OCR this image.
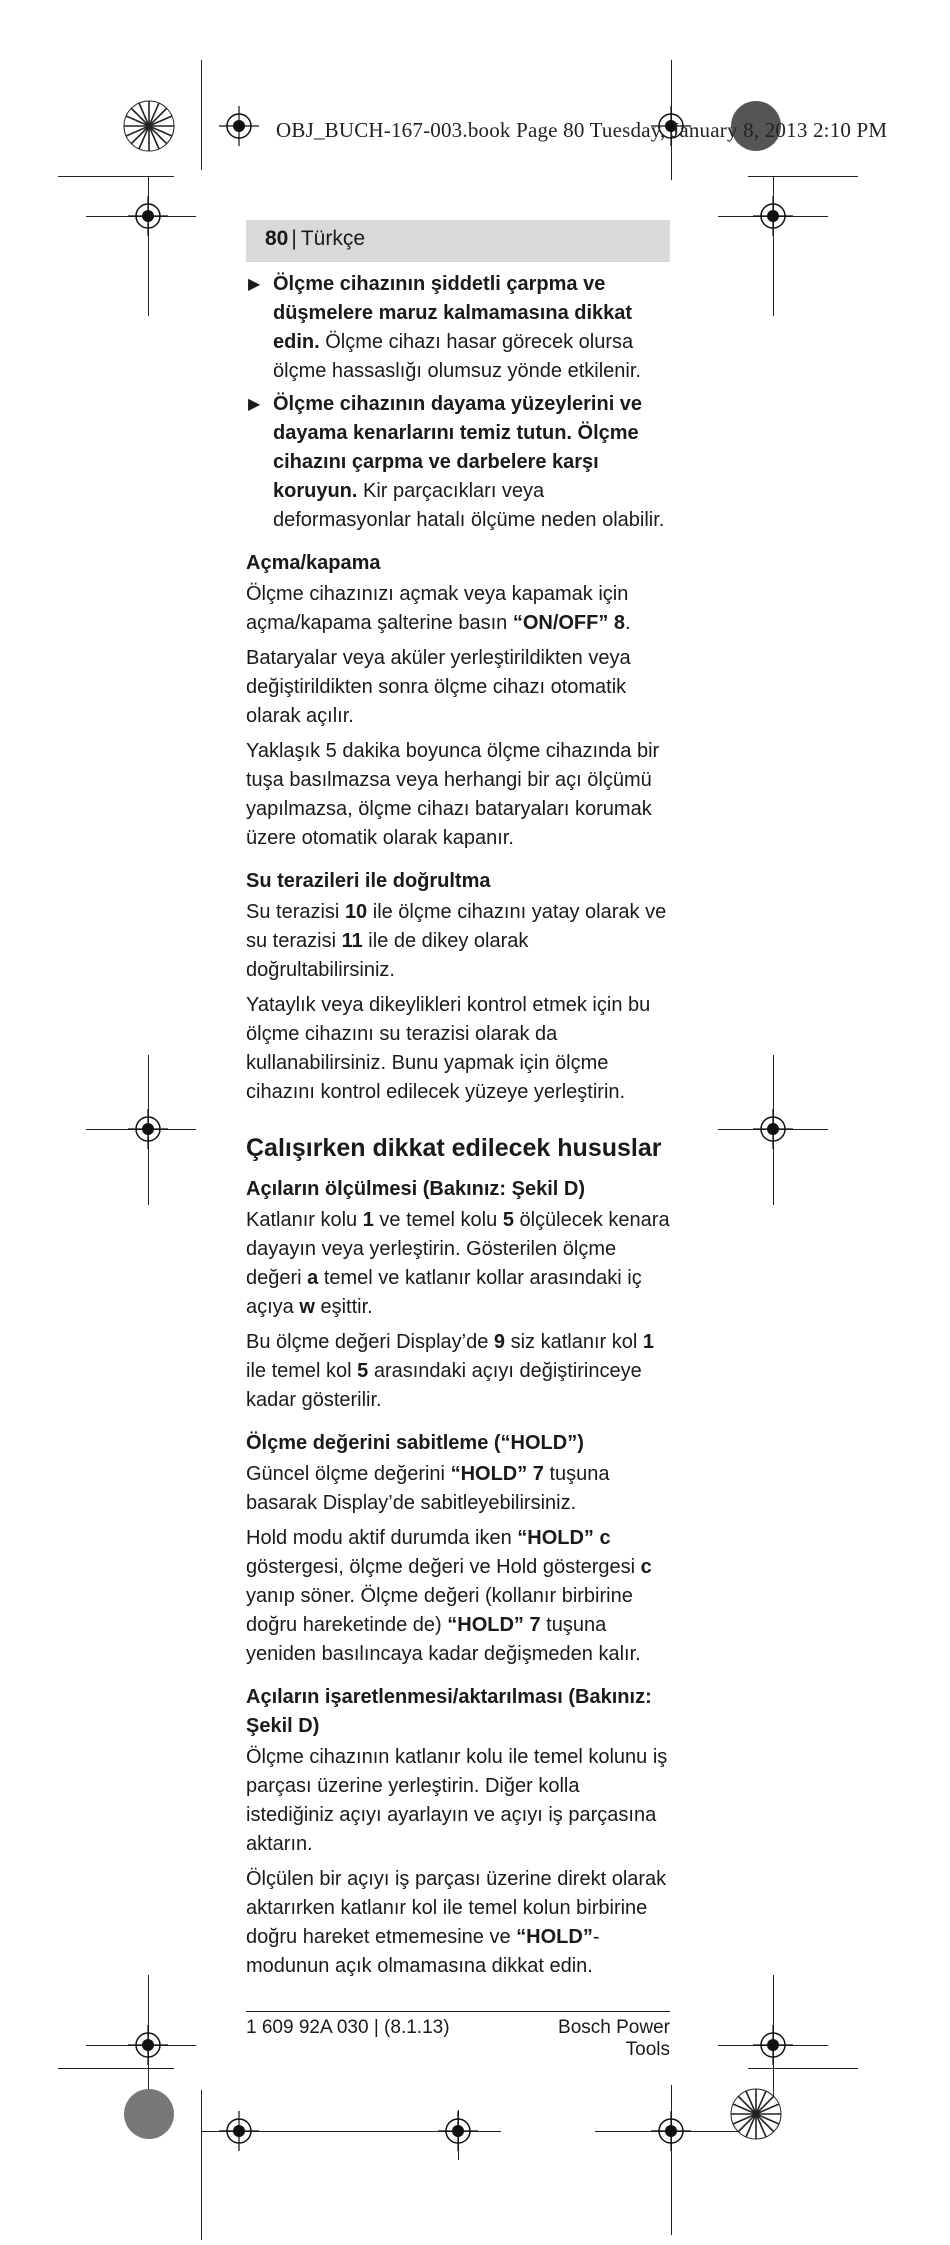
OBJ_BUCH-167-003.book Page 80 Tuesday, January 8, 2013 2:10 PM
80 | Türkçe
▶ Ölçme cihazının şiddetli çarpma ve düşmelere maruz kalmamasına dikkat edin. Ölçme cihazı hasar görecek olursa ölçme hassaslığı olumsuz yönde etkilenir.
▶ Ölçme cihazının dayama yüzeylerini ve dayama kenarlarını temiz tutun. Ölçme cihazını çarpma ve darbelere karşı koruyun. Kir parçacıkları veya deformasyonlar hatalı ölçüme neden olabilir.
Açma/kapama

Ölçme cihazınızı açmak veya kapamak için açma/kapama şalterine basın “ON/OFF” 8.

Bataryalar veya aküler yerleştirildikten veya değiştirildikten sonra ölçme cihazı otomatik olarak açılır.

Yaklaşık 5 dakika boyunca ölçme cihazında bir tuşa basılmazsa veya herhangi bir açı ölçümü yapılmazsa, ölçme cihazı bataryaları korumak üzere otomatik olarak kapanır.

Su terazileri ile doğrultma

Su terazisi 10 ile ölçme cihazını yatay olarak ve su terazisi 11 ile de dikey olarak doğrultabilirsiniz.

Yataylık veya dikeylikleri kontrol etmek için bu ölçme cihazını su terazisi olarak da kullanabilirsiniz. Bunu yapmak için ölçme cihazını kontrol edilecek yüzeye yerleştirin.

Çalışırken dikkat edilecek hususlar
Açıların ölçülmesi (Bakınız: Şekil D)

Katlanır kolu 1 ve temel kolu 5 ölçülecek kenara dayayın veya yerleştirin. Gösterilen ölçme değeri a temel ve katlanır kollar arasındaki iç açıya w eşittir.

Bu ölçme değeri Display’de 9 siz katlanır kol 1 ile temel kol 5 arasındaki açıyı değiştirinceye kadar gösterilir.

Ölçme değerini sabitleme (“HOLD”)

Güncel ölçme değerini “HOLD” 7 tuşuna basarak Display’de sabitleyebilirsiniz.

Hold modu aktif durumda iken “HOLD” c göstergesi, ölçme değeri ve Hold göstergesi c yanıp söner. Ölçme değeri (kollanır birbirine doğru hareketinde de) “HOLD” 7 tuşuna yeniden basılıncaya kadar değişmeden kalır.

Açıların işaretlenmesi/aktarılması (Bakınız: Şekil D)

Ölçme cihazının katlanır kolu ile temel kolunu iş parçası üzerine yerleştirin. Diğer kolla istediğiniz açıyı ayarlayın ve açıyı iş parçasına aktarın.

Ölçülen bir açıyı iş parçası üzerine direkt olarak aktarırken katlanır kol ile temel kolun birbirine doğru hareket etmemesine ve “HOLD”-modunun açık olmamasına dikkat edin.

1 609 92A 030 | (8.1.13)	Bosch Power Tools
